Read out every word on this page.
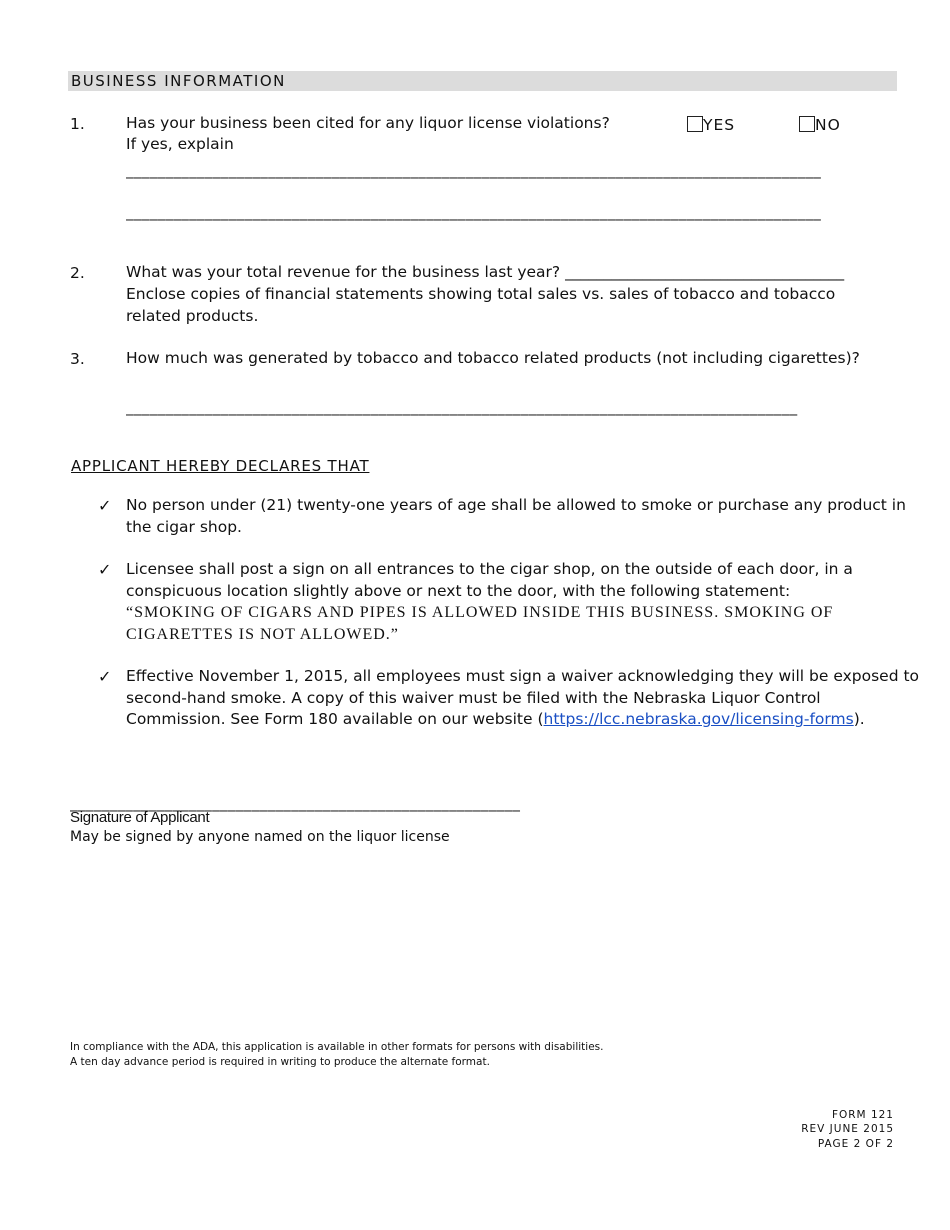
BUSINESS INFORMATION
1.	Has your business been cited for any liquor license violations?
If yes, explain
YES	NO
________________________________________________________________________________________
________________________________________________________________________________________
2.	What was your total revenue for the business last year? ____________________________________
Enclose copies of financial statements showing total sales vs. sales of tobacco and tobacco
related products.
3.	How much was generated by tobacco and tobacco related products (not including cigarettes)?
_____________________________________________________________________________________
APPLICANT HEREBY DECLARES THAT
✓ No person under (21) twenty-one years of age shall be allowed to smoke or purchase any product in
the cigar shop.
✓ Licensee shall post a sign on all entrances to the cigar shop, on the outside of each door, in a
conspicuous location slightly above or next to the door, with the following statement:
“SMOKING OF CIGARS AND PIPES IS ALLOWED INSIDE THIS BUSINESS. SMOKING OF
CIGARETTES IS NOT ALLOWED.”
✓ Effective November 1, 2015, all employees must sign a waiver acknowledging they will be exposed to
second-hand smoke. A copy of this waiver must be filed with the Nebraska Liquor Control
Commission. See Form 180 available on our website (https://lcc.nebraska.gov/licensing-forms).
_________________________________________________________
Signature of Applicant
May be signed by anyone named on the liquor license
In compliance with the ADA, this application is available in other formats for persons with disabilities.
A ten day advance period is required in writing to produce the alternate format.
FORM 121
REV JUNE 2015
PAGE 2 OF 2
